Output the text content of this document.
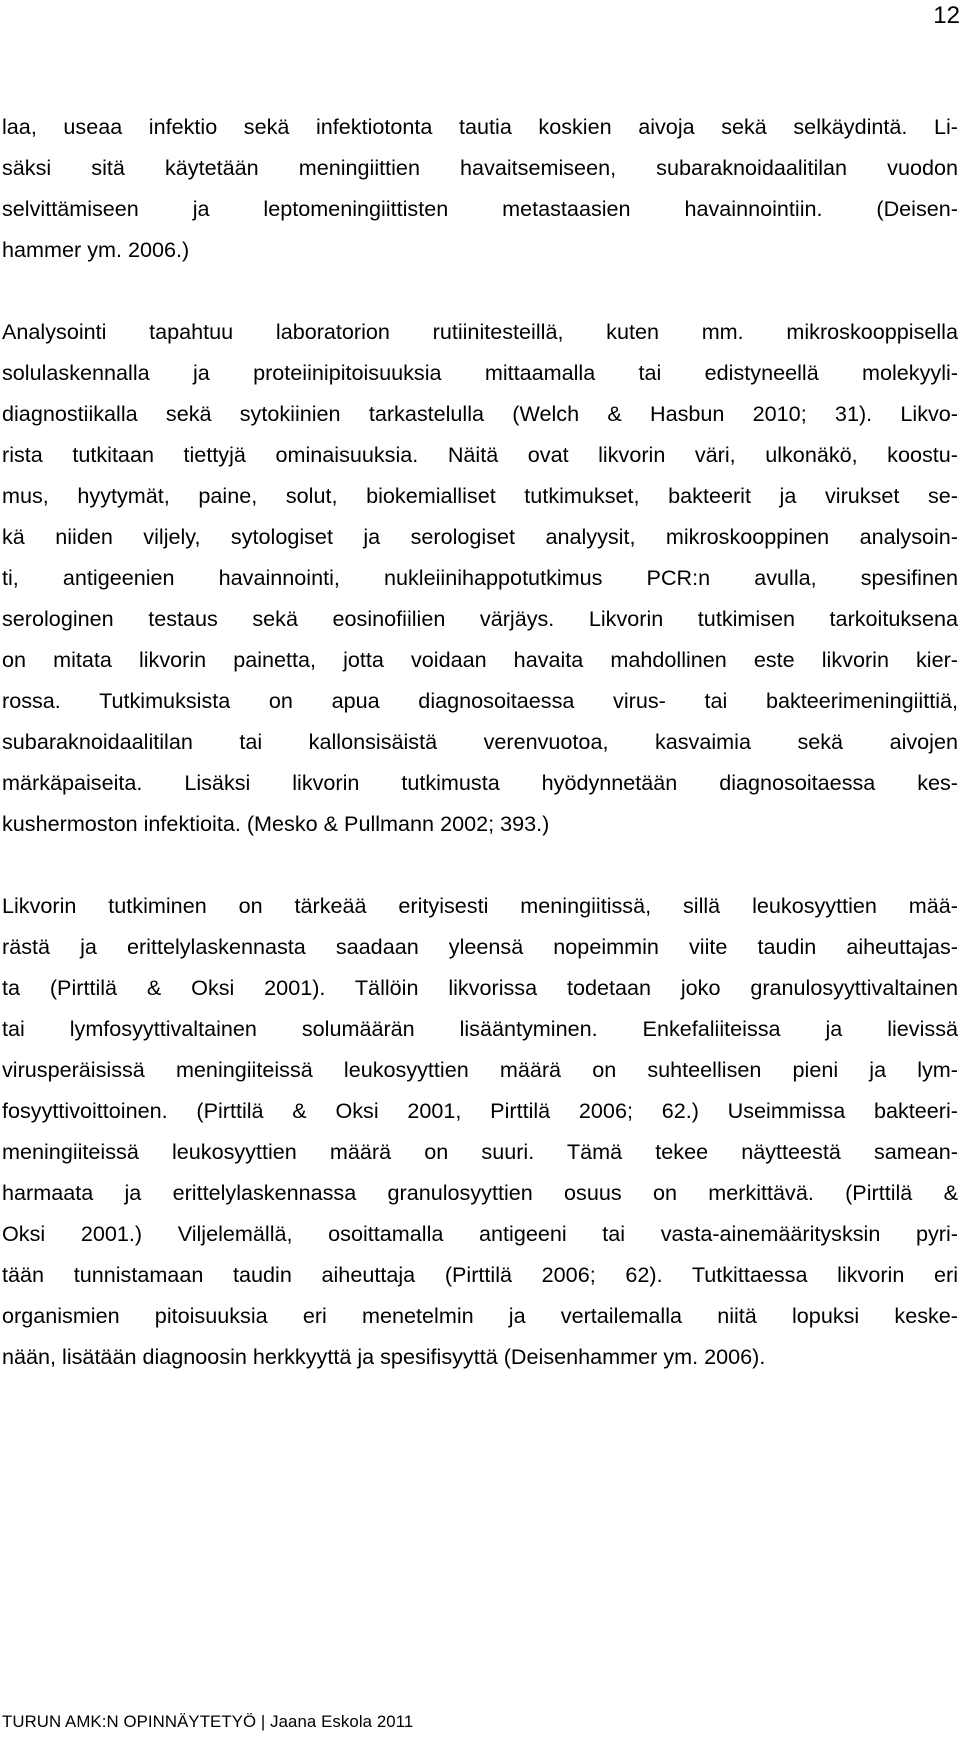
12
laa, useaa infektio sekä infektiotonta tautia koskien aivoja sekä selkäydintä. Li-
säksi sitä käytetään meningiittien havaitsemiseen, subaraknoidaalitilan vuodon
selvittämiseen ja leptomeningiittisten metastaasien havainnointiin. (Deisen-
hammer ym. 2006.)
Analysointi tapahtuu laboratorion rutiinitesteillä, kuten mm. mikroskooppisella
solulaskennalla ja proteiinipitoisuuksia mittaamalla tai edistyneellä molekyyli-
diagnostiikalla sekä sytokiinien tarkastelulla (Welch & Hasbun 2010; 31). Likvo-
rista tutkitaan tiettyjä ominaisuuksia. Näitä ovat likvorin väri, ulkonäkö, koostu-
mus, hyytymät, paine, solut, biokemialliset tutkimukset, bakteerit ja virukset se-
kä niiden viljely, sytologiset ja serologiset analyysit, mikroskooppinen analysoin-
ti, antigeenien havainnointi, nukleiinihappotutkimus PCR:n avulla, spesifinen
serologinen testaus sekä eosinofiilien värjäys. Likvorin tutkimisen tarkoituksena
on mitata likvorin painetta, jotta voidaan havaita mahdollinen este likvorin kier-
rossa. Tutkimuksista on apua diagnosoitaessa virus- tai bakteerimeningiittiä,
subaraknoidaalitilan tai kallonsisäistä verenvuotoa, kasvaimia sekä aivojen
märkäpaiseita. Lisäksi likvorin tutkimusta hyödynnetään diagnosoitaessa kes-
kushermoston infektioita. (Mesko & Pullmann 2002; 393.)
Likvorin tutkiminen on tärkeää erityisesti meningiitissä, sillä leukosyyttien mää-
rästä ja erittelylaskennasta saadaan yleensä nopeimmin viite taudin aiheuttajas-
ta (Pirttilä & Oksi 2001). Tällöin likvorissa todetaan joko granulosyyttivaltainen
tai lymfosyyttivaltainen solumäärän lisääntyminen. Enkefaliiteissa ja lievissä
virusperäisissä meningiiteissä leukosyyttien määrä on suhteellisen pieni ja lym-
fosyyttivoittoinen. (Pirttilä & Oksi 2001, Pirttilä 2006; 62.) Useimmissa bakteeri-
meningiiteissä leukosyyttien määrä on suuri. Tämä tekee näytteestä samean-
harmaata ja erittelylaskennassa granulosyyttien osuus on merkittävä. (Pirttilä &
Oksi 2001.) Viljelemällä, osoittamalla antigeeni tai vasta-ainemääritysksin pyri-
tään tunnistamaan taudin aiheuttaja (Pirttilä 2006; 62). Tutkittaessa likvorin eri
organismien pitoisuuksia eri menetelmin ja vertailemalla niitä lopuksi keske-
nään, lisätään diagnoosin herkkyyttä ja spesifisyyttä (Deisenhammer ym. 2006).
TURUN AMK:N OPINNÄYTETYÖ | Jaana Eskola 2011
